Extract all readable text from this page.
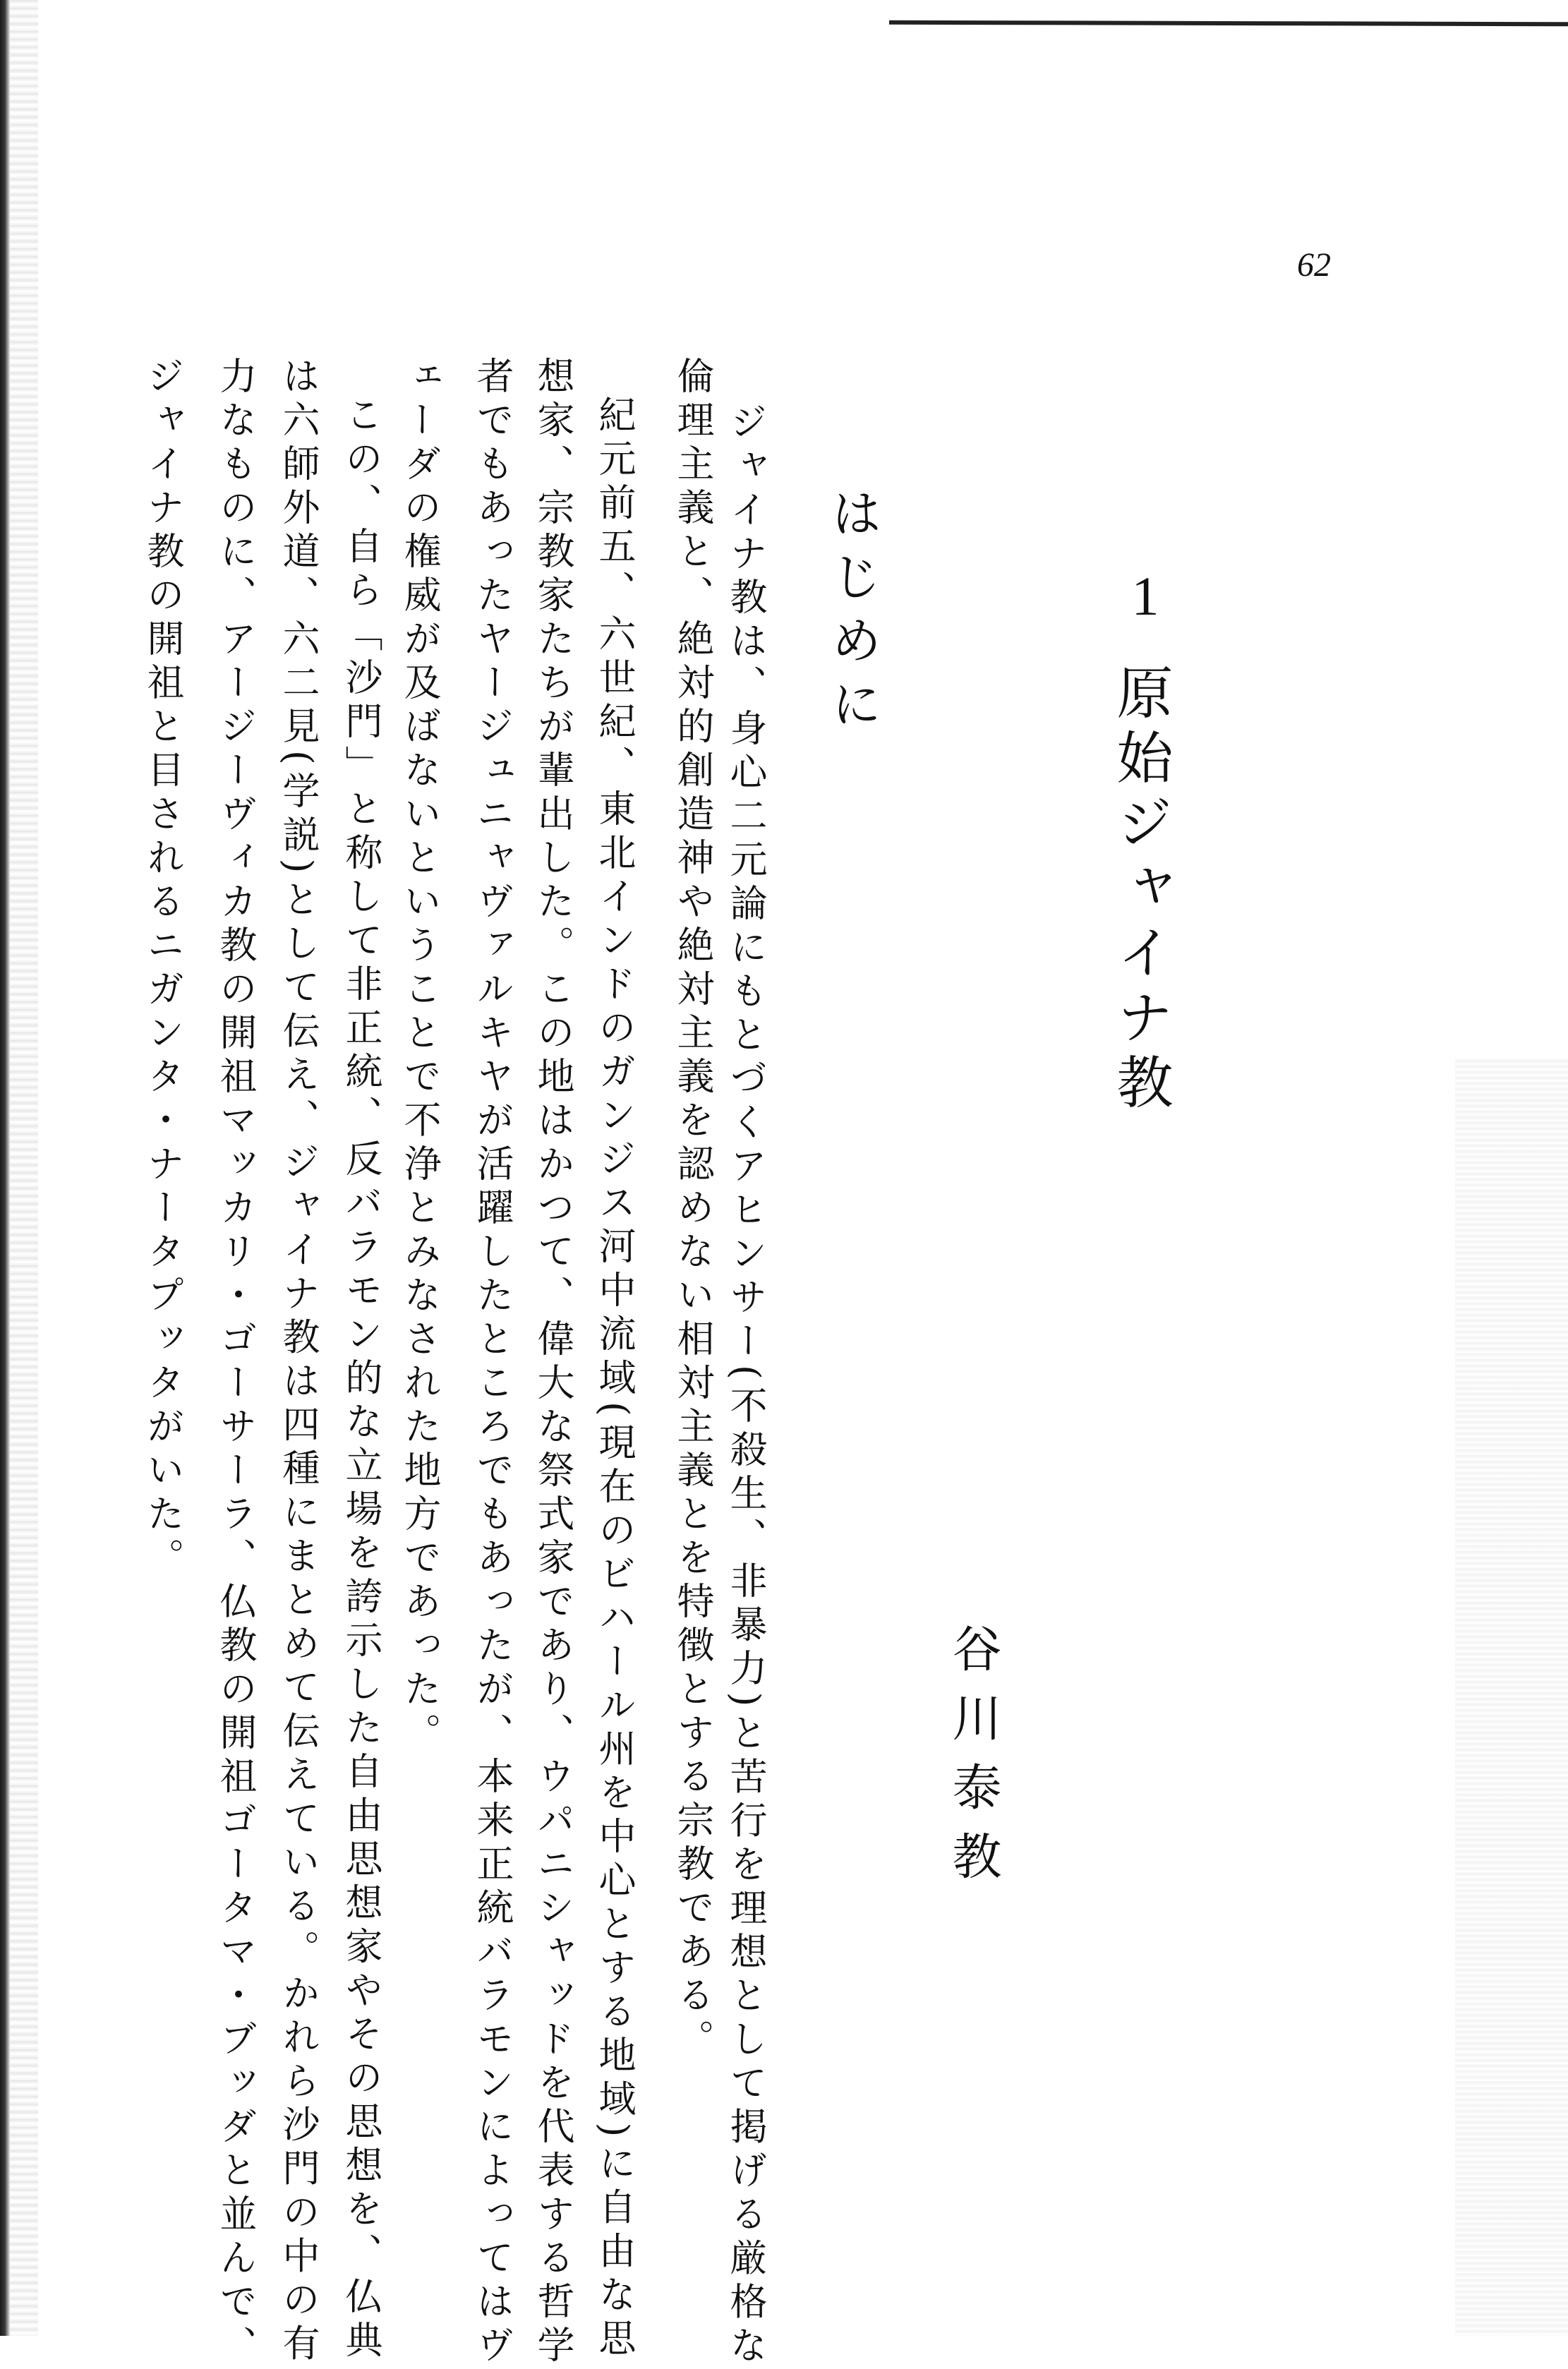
62
1
原始ジャイナ教
谷川泰教
はじめに
ジャイナ教は、身心二元論にもとづくアヒンサー(不殺生、非暴力)と苦行を理想として掲げる厳格な
倫理主義と、絶対的創造神や絶対主義を認めない相対主義とを特徴とする宗教である。
紀元前五、六世紀、東北インドのガンジス河中流域(現在のビハール州を中心とする地域)に自由な思
想家、宗教家たちが輩出した。この地はかつて、偉大な祭式家であり、ウパニシャッドを代表する哲学
者でもあったヤージュニャヴァルキヤが活躍したところでもあったが、本来正統バラモンによってはヴ
ェーダの権威が及ばないということで不浄とみなされた地方であった。
この、自ら「沙門」と称して非正統、反バラモン的な立場を誇示した自由思想家やその思想を、仏典
は六師外道、六二見(学説)として伝え、ジャイナ教は四種にまとめて伝えている。かれら沙門の中の有
力なものに、アージーヴィカ教の開祖マッカリ・ゴーサーラ、仏教の開祖ゴータマ・ブッダと並んで、
ジャイナ教の開祖と目されるニガンタ・ナータプッタがいた。
